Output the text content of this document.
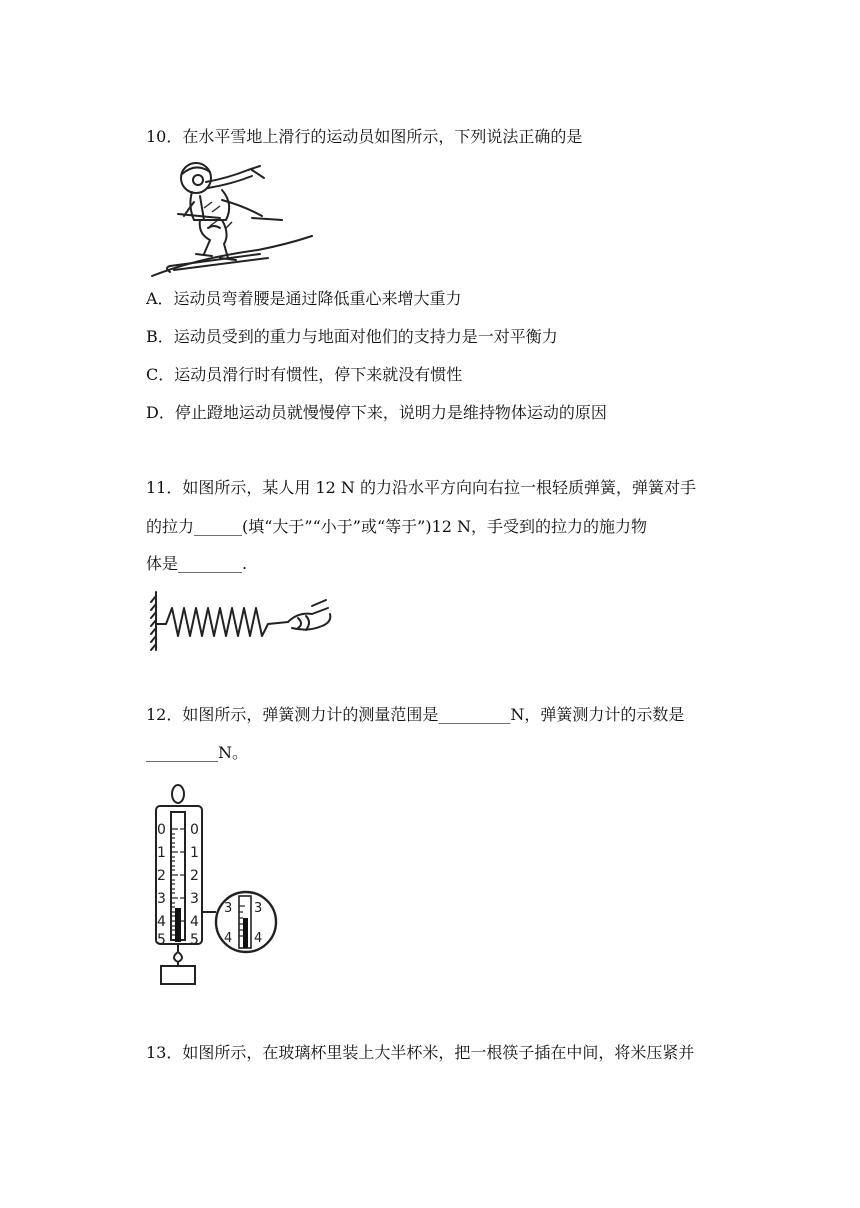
10．在水平雪地上滑行的运动员如图所示，下列说法正确的是
A．运动员弯着腰是通过降低重心来增大重力
B．运动员受到的重力与地面对他们的支持力是一对平衡力
C．运动员滑行时有惯性，停下来就没有惯性
D．停止蹬地运动员就慢慢停下来，说明力是维持物体运动的原因
11．如图所示，某人用 12 N 的力沿水平方向向右拉一根轻质弹簧，弹簧对手
的拉力______(填“大于”“小于”或“等于”)12 N，手受到的拉力的施力物
体是________.
12．如图所示，弹簧测力计的测量范围是_________N，弹簧测力计的示数是
_________N。
0
1
2
3
4
5
0
1
2
3
4
5
3
4
3
4
13．如图所示，在玻璃杯里装上大半杯米，把一根筷子插在中间，将米压紧并
